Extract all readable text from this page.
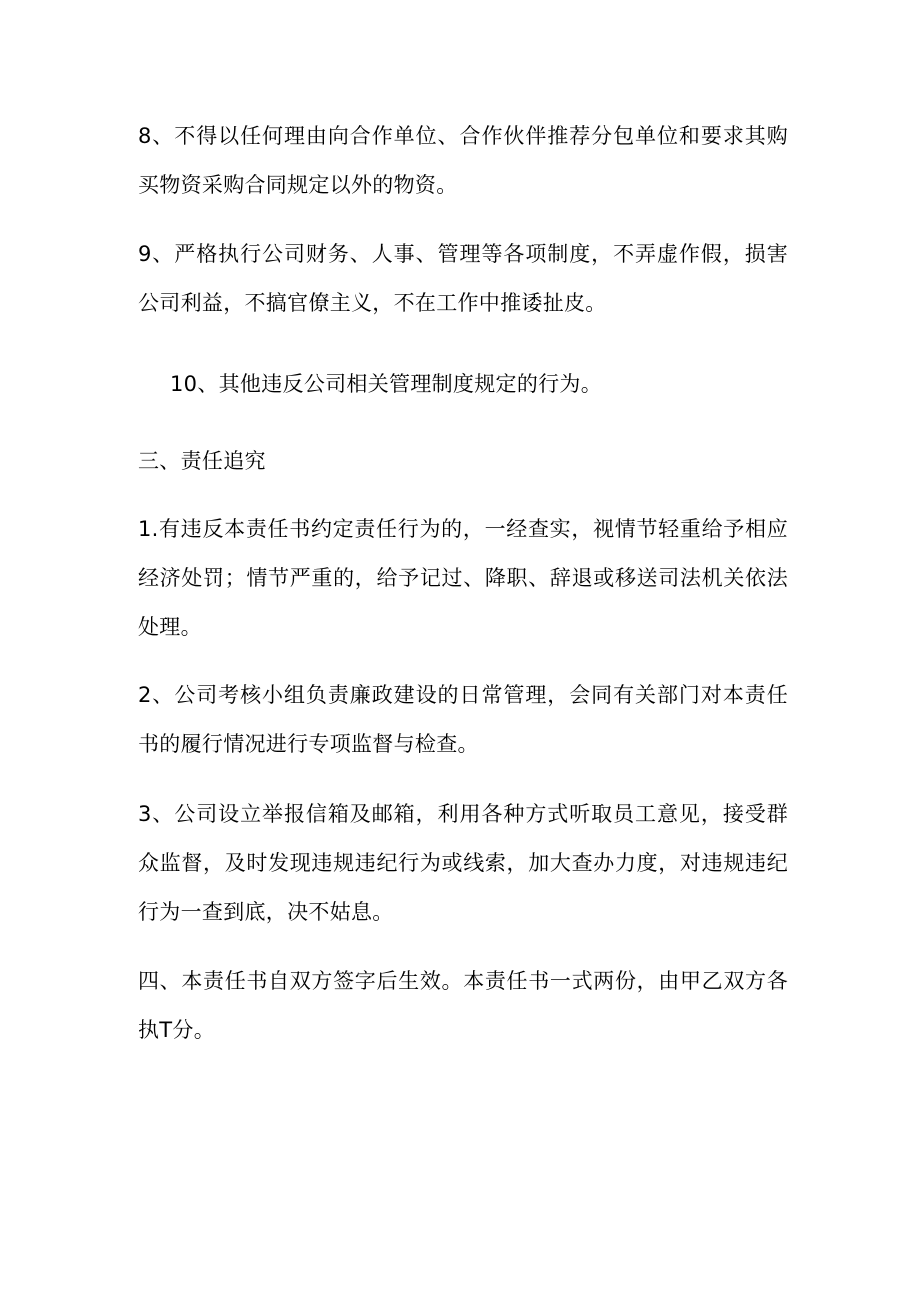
8、不得以任何理由向合作单位、合作伙伴推荐分包单位和要求其购
买物资采购合同规定以外的物资。

9、严格执行公司财务、人事、管理等各项制度，不弄虚作假，损害
公司利益，不搞官僚主义，不在工作中推诿扯皮。

10、其他违反公司相关管理制度规定的行为。

三、责任追究

1.有违反本责任书约定责任行为的，一经查实，视情节轻重给予相应
经济处罚；情节严重的，给予记过、降职、辞退或移送司法机关依法
处理。

2、公司考核小组负责廉政建设的日常管理，会同有关部门对本责任
书的履行情况进行专项监督与检查。

3、公司设立举报信箱及邮箱，利用各种方式听取员工意见，接受群
众监督，及时发现违规违纪行为或线索，加大查办力度，对违规违纪
行为一查到底，决不姑息。

四、本责任书自双方签字后生效。本责任书一式两份，由甲乙双方各
执T分。
